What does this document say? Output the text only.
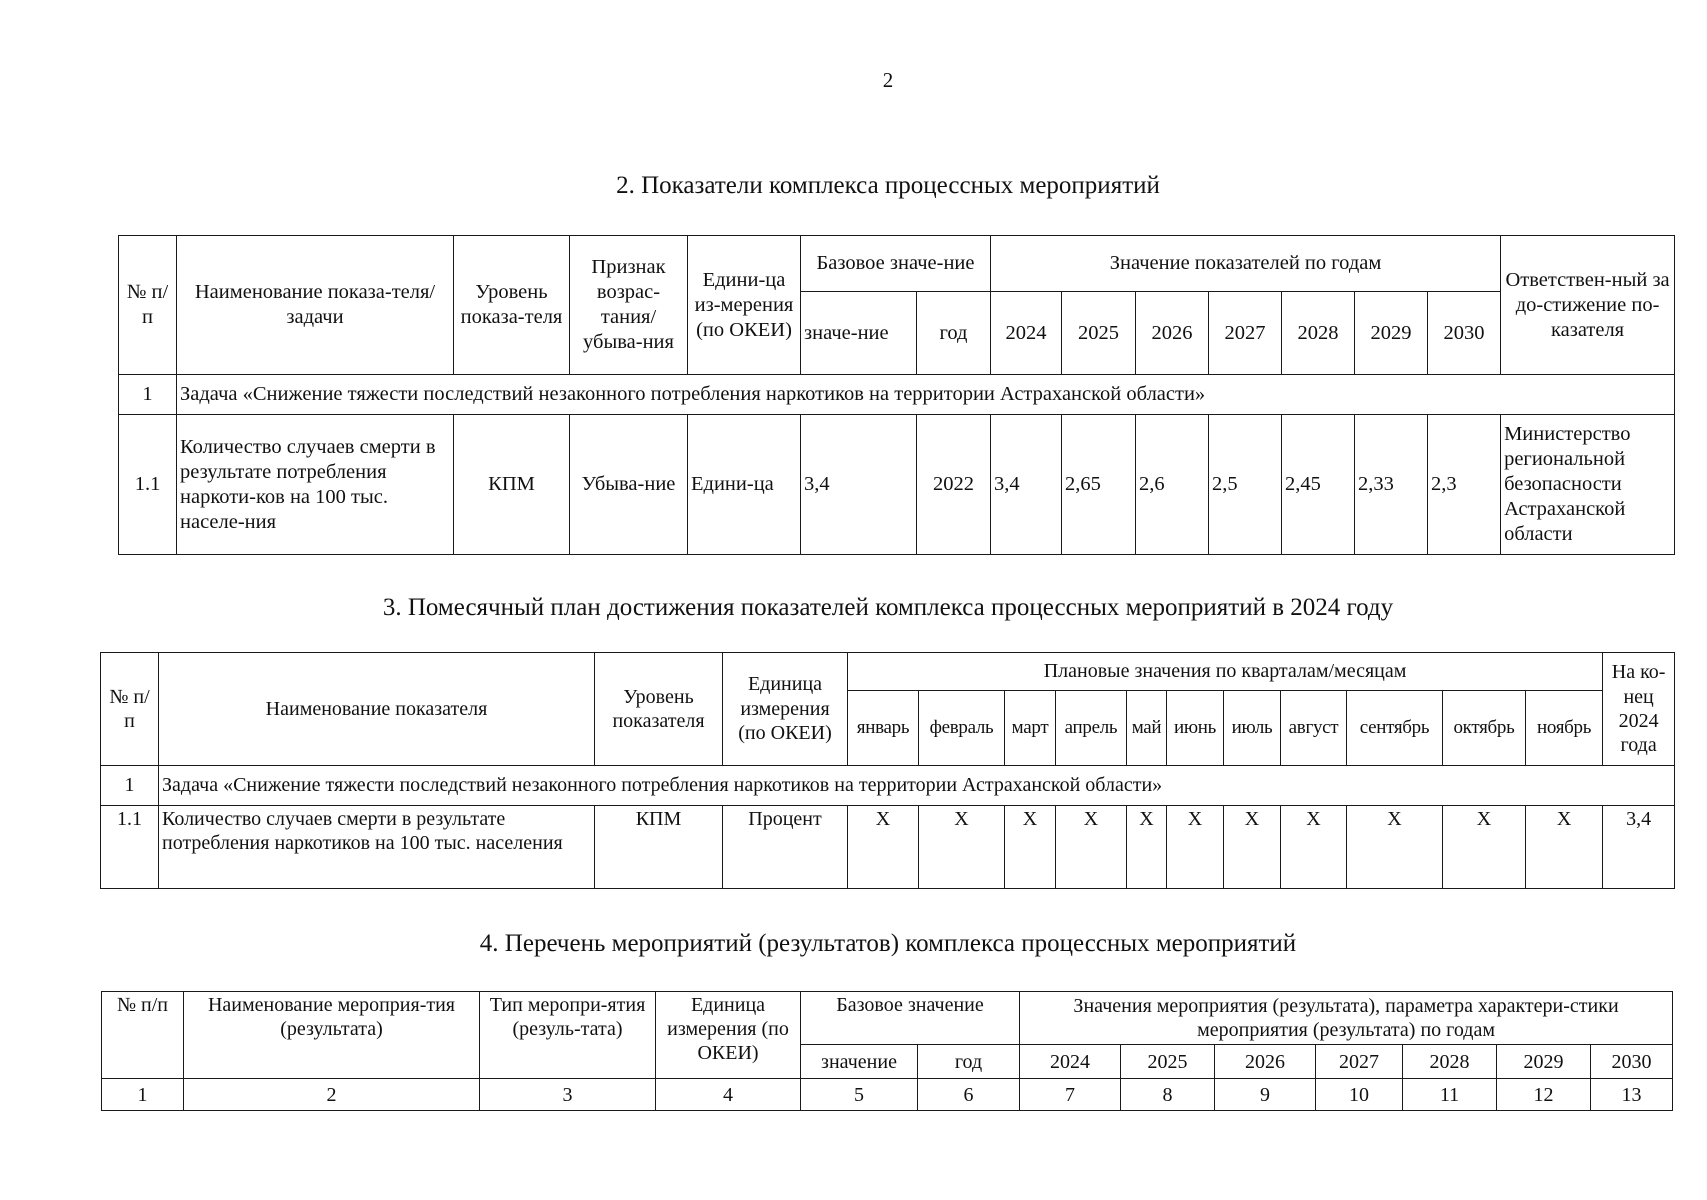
2
2. Показатели комплекса процессных мероприятий
№ п/п	Наименование показа-теля/задачи	Уровень показа-теля	Признак возрас-тания/ убыва-ния	Едини-ца из-мерения (по ОКЕИ)	Базовое значе-ние		Значение показателей по годам							Ответствен-ный за до-стижение по-казателя
					значе-ние	год	2024	2025	2026	2027	2028	2029	2030	
1	Задача «Снижение тяжести последствий незаконного потребления наркотиков на территории Астраханской области»													
1.1	Количество случаев смерти в результате потребления наркоти-ков на 100 тыс. населе-ния	КПМ	Убыва-ние	Едини-ца	3,4	2022	3,4	2,65	2,6	2,5	2,45	2,33	2,3	Министерство региональной безопасности Астраханской области
3. Помесячный план достижения показателей комплекса процессных мероприятий в 2024 году
№ п/п	Наименование показателя	Уровень показателя	Единица измерения (по ОКЕИ)	Плановые значения по кварталам/месяцам											На ко-нец 2024 года
				январь	февраль	март	апрель	май	июнь	июль	август	сентябрь	октябрь	ноябрь	
1	Задача «Снижение тяжести последствий незаконного потребления наркотиков на территории Астраханской области»														
1.1	Количество случаев смерти в результате потребления наркотиков на 100 тыс. населения	КПМ	Процент	X	X	X	X	X	X	X	X	X	X	X	3,4
4. Перечень мероприятий (результатов) комплекса процессных мероприятий
№ п/п	Наименование мероприя-тия (результата)	Тип меропри-ятия (резуль-тата)	Единица измерения (по ОКЕИ)	Базовое значение		Значения мероприятия (результата), параметра характери-стики мероприятия (результата) по годам						
				значение	год	2024	2025	2026	2027	2028	2029	2030
1	2	3	4	5	6	7	8	9	10	11	12	13
